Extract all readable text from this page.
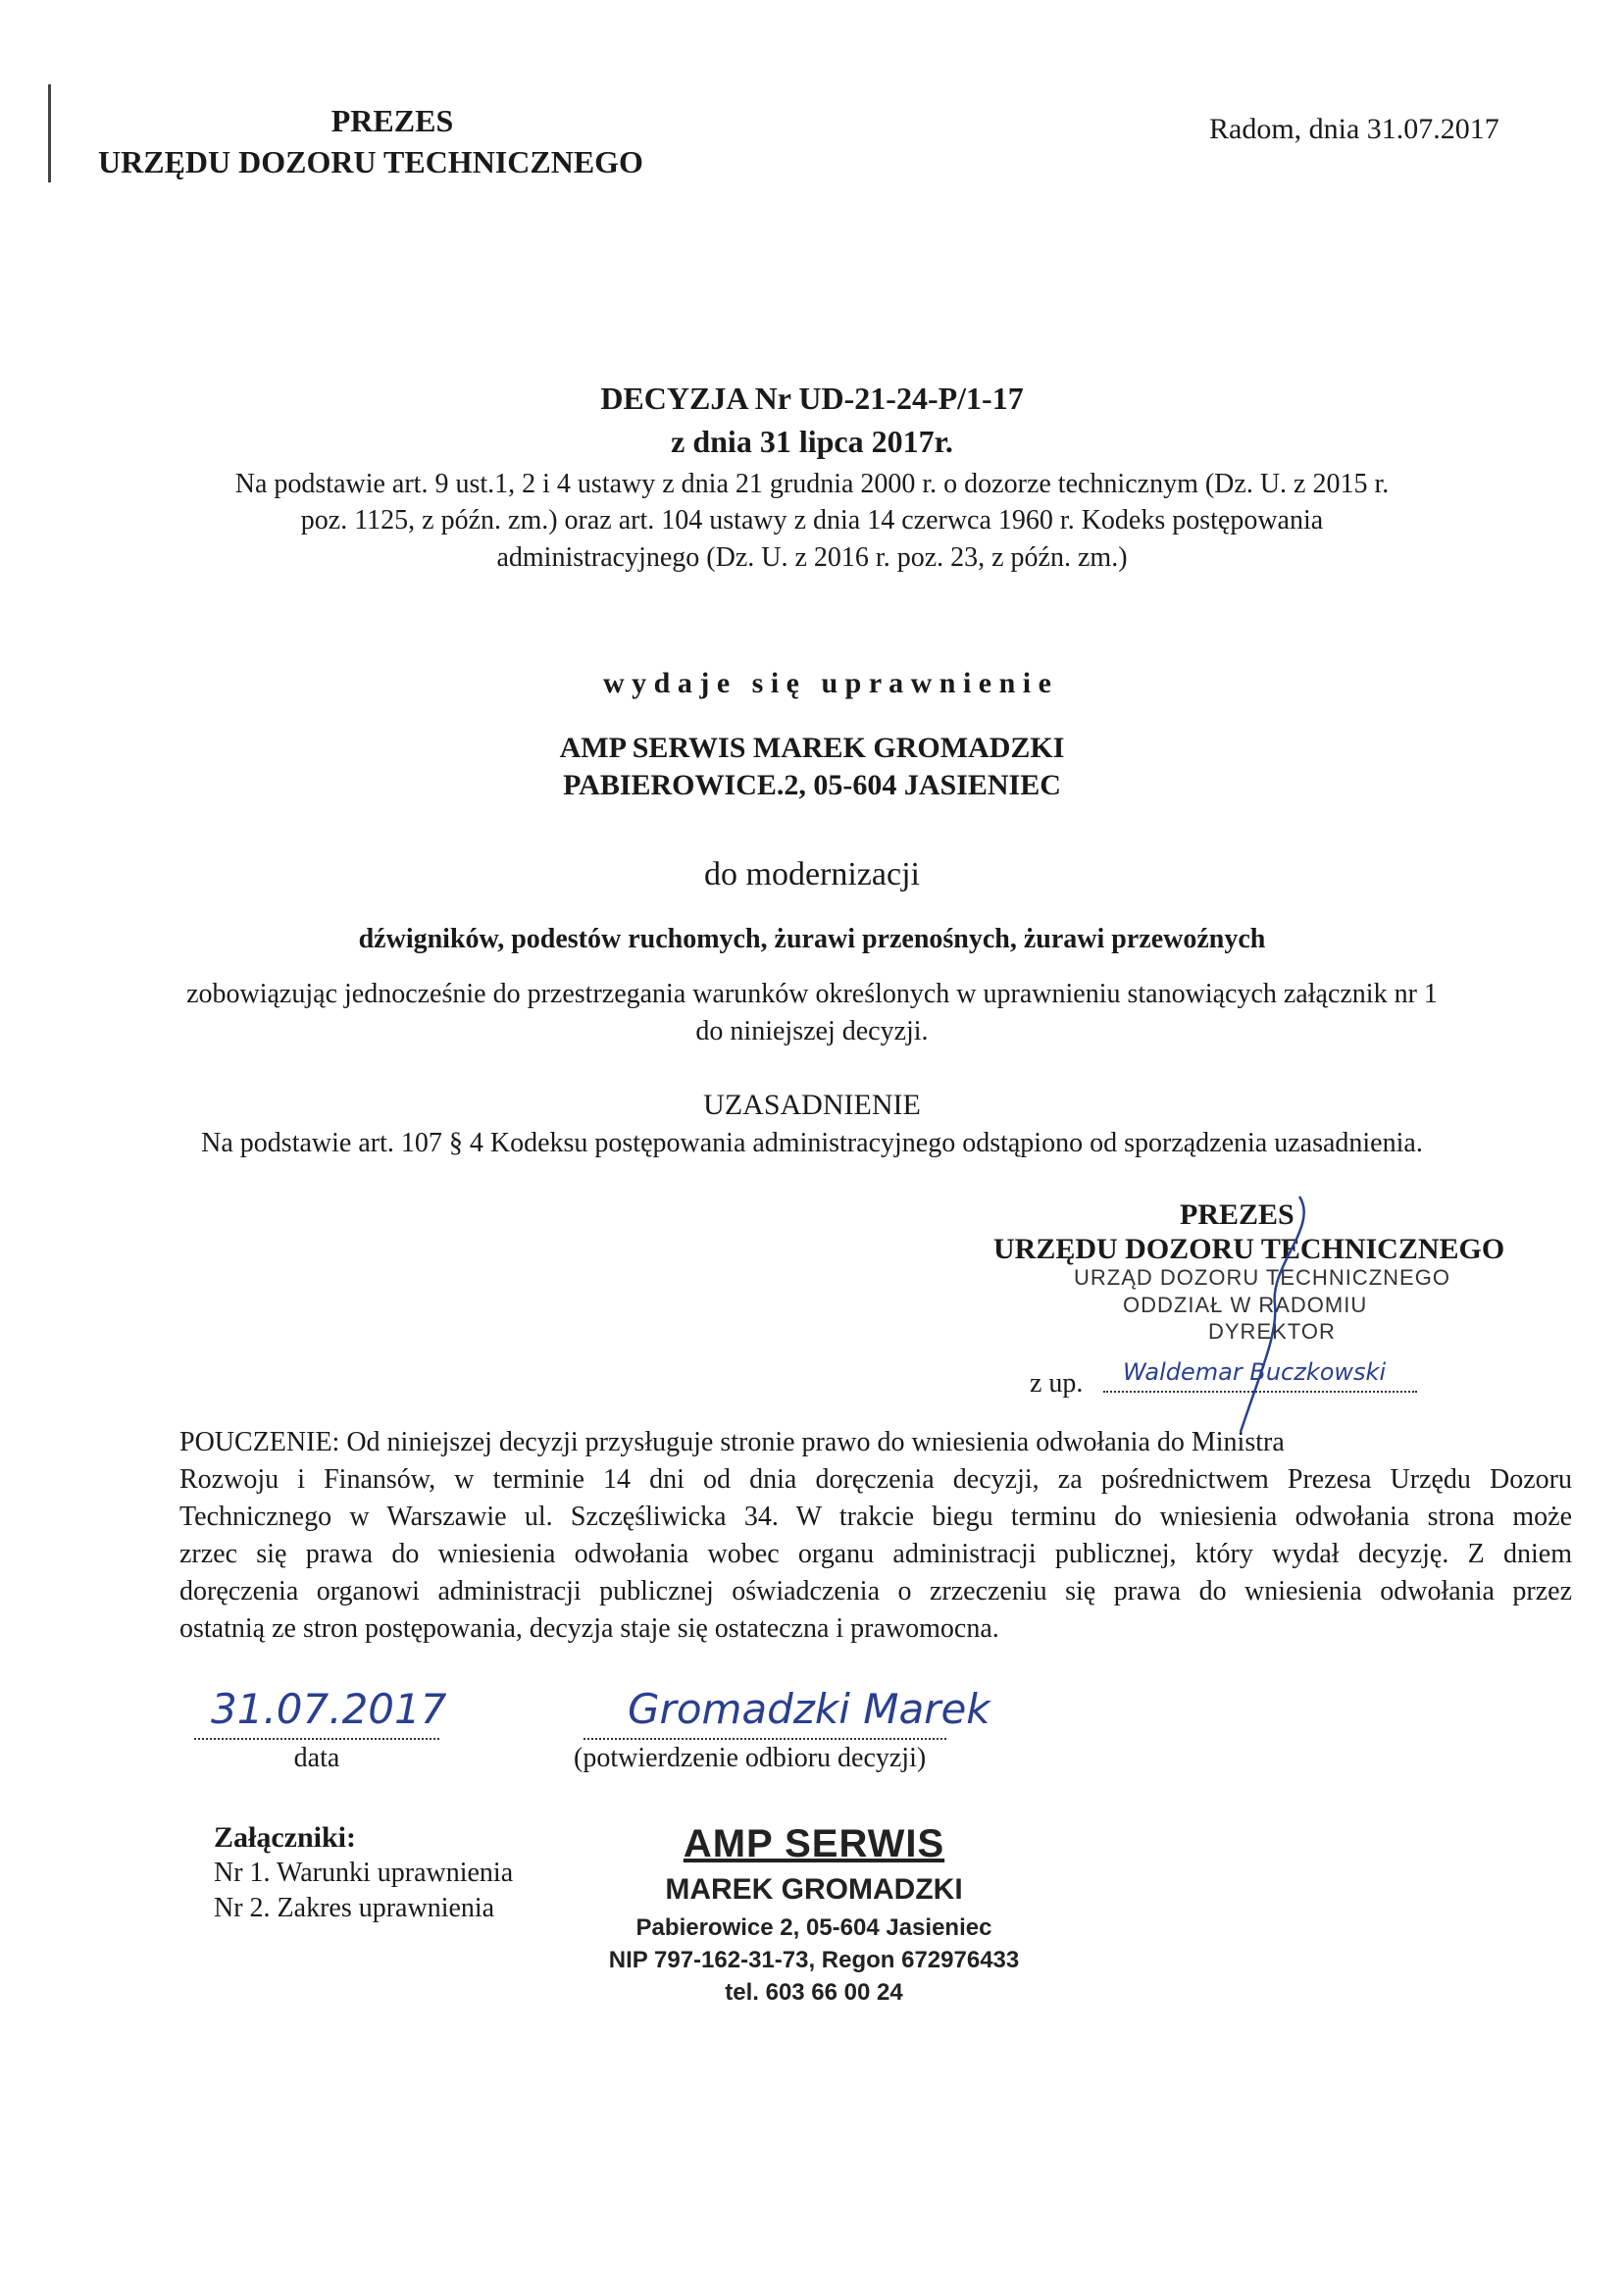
PREZES
URZĘDU DOZORU TECHNICZNEGO
Radom, dnia 31.07.2017
DECYZJA Nr UD-21-24-P/1-17
z dnia 31 lipca 2017r.
Na podstawie art. 9 ust.1, 2 i 4 ustawy z dnia 21 grudnia 2000 r. o dozorze technicznym (Dz. U. z 2015 r.
poz. 1125, z późn. zm.) oraz art. 104 ustawy z dnia 14 czerwca 1960 r. Kodeks postępowania
administracyjnego (Dz. U. z 2016 r. poz. 23, z późn. zm.)
w y d a j e   s i ę   u p r a w n i e n i e
AMP SERWIS MAREK GROMADZKI
PABIEROWICE.2, 05-604 JASIENIEC
do modernizacji
dźwigników, podestów ruchomych, żurawi przenośnych, żurawi przewoźnych
zobowiązując jednocześnie do przestrzegania warunków określonych w uprawnieniu stanowiących załącznik nr 1
do niniejszej decyzji.
UZASADNIENIE
Na podstawie art. 107 § 4 Kodeksu postępowania administracyjnego odstąpiono od sporządzenia uzasadnienia.
PREZES
URZĘDU DOZORU TECHNICZNEGO
URZĄD DOZORU TECHNICZNEGO
ODDZIAŁ W RADOMIU
DYREKTOR
z up. Waldemar Buczkowski
POUCZENIE: Od niniejszej decyzji przysługuje stronie prawo do wniesienia odwołania do Ministra
Rozwoju i Finansów, w terminie 14 dni od dnia doręczenia decyzji, za pośrednictwem Prezesa Urzędu Dozoru
Technicznego w Warszawie ul. Szczęśliwicka 34. W trakcie biegu terminu do wniesienia odwołania strona może
zrzec się prawa do wniesienia odwołania wobec organu administracji publicznej, który wydał decyzję. Z dniem
doręczenia organowi administracji publicznej oświadczenia o zrzeczeniu się prawa do wniesienia odwołania przez
ostatnią ze stron postępowania, decyzja staje się ostateczna i prawomocna.
31.07.2017
data
Gromadzki Marek
(potwierdzenie odbioru decyzji)
Załączniki:
Nr 1. Warunki uprawnienia
Nr 2. Zakres uprawnienia
AMP SERWIS
MAREK GROMADZKI
Pabierowice 2, 05-604 Jasieniec
NIP 797-162-31-73, Regon 672976433
tel. 603 66 00 24
